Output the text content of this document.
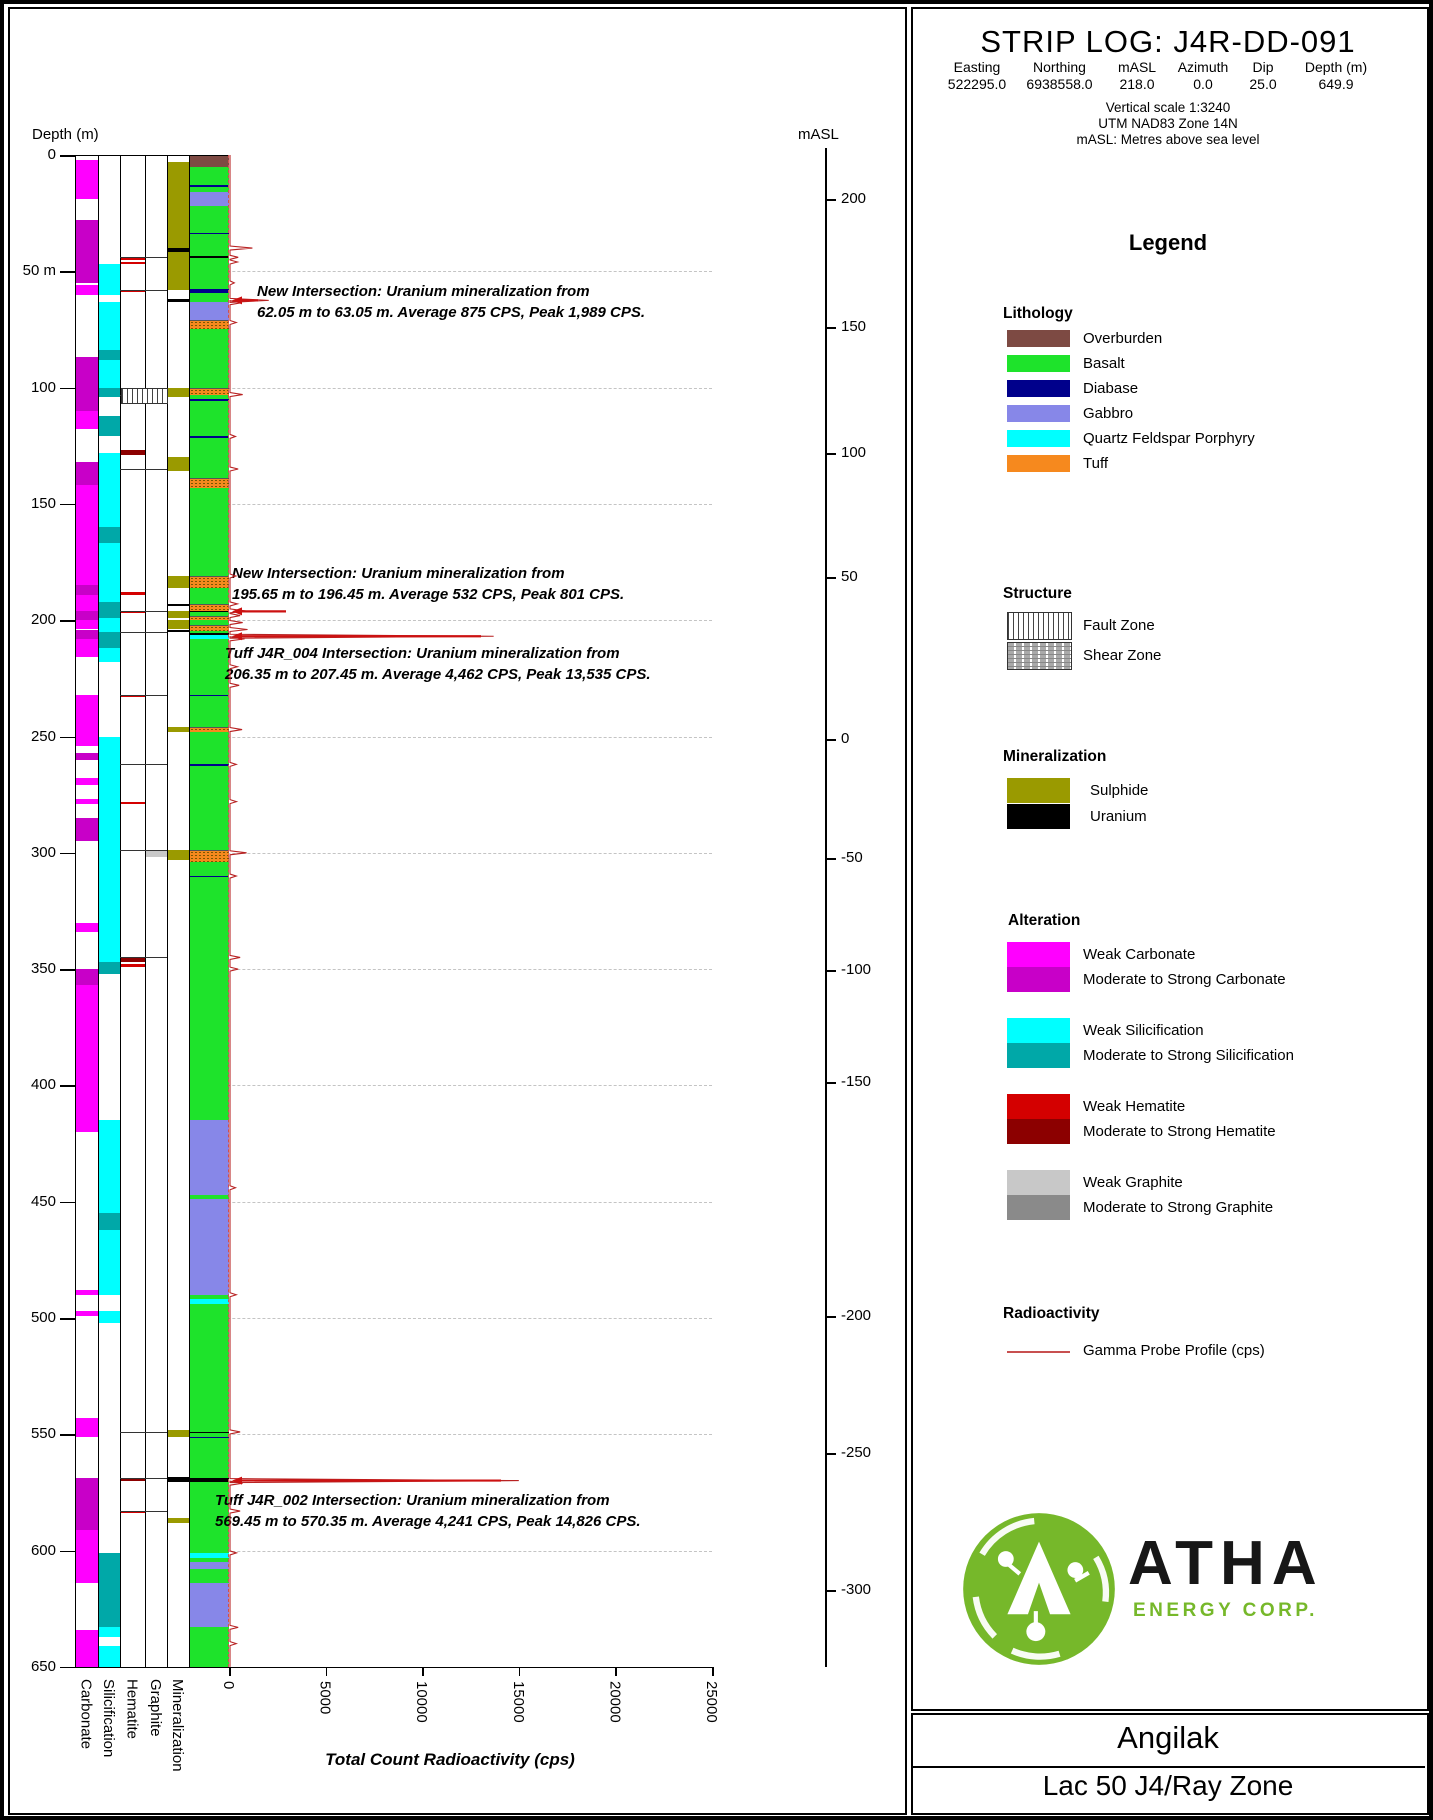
Depth (m)	mASL
Total Count Radioactivity (cps)
0
50 m
100
150
200
250
300
350
400
450
500
550
600
650
200
150
100
50
0
-50
-100
-150
-200
-250
-300
0	5000	10000	15000	20000	25000
Carbonate Silicification Hematite Graphite Mineralization
New Intersection: Uranium mineralization from
62.05 m to 63.05 m. Average 875 CPS, Peak 1,989 CPS.
New Intersection: Uranium mineralization from
195.65 m to 196.45 m. Average 532 CPS, Peak 801 CPS.
Tuff J4R_004 Intersection: Uranium mineralization from
206.35 m to 207.45 m. Average 4,462 CPS, Peak 13,535 CPS.
Tuff J4R_002 Intersection: Uranium mineralization from
569.45 m to 570.35 m. Average 4,241 CPS, Peak 14,826 CPS.
STRIP LOG: J4R-DD-091
Easting	Northing	mASL	Azimuth	Dip	Depth (m)
522295.0	6938558.0	218.0	0.0	25.0	649.9
Vertical scale 1:3240
UTM NAD83 Zone 14N
mASL: Metres above sea level
Legend
Lithology
Structure
Mineralization
Alteration
Radioactivity
ATHA
ENERGY CORP.
Angilak
Lac 50 J4/Ray Zone
Overburden
Basalt
Diabase
Gabbro
Quartz Feldspar Porphyry
Tuff
Fault Zone
Shear Zone
Sulphide
Uranium
Weak Carbonate
Moderate to Strong Carbonate
Weak Silicification
Moderate to Strong Silicification
Weak Hematite
Moderate to Strong Hematite
Weak Graphite
Moderate to Strong Graphite
Gamma Probe Profile (cps)
